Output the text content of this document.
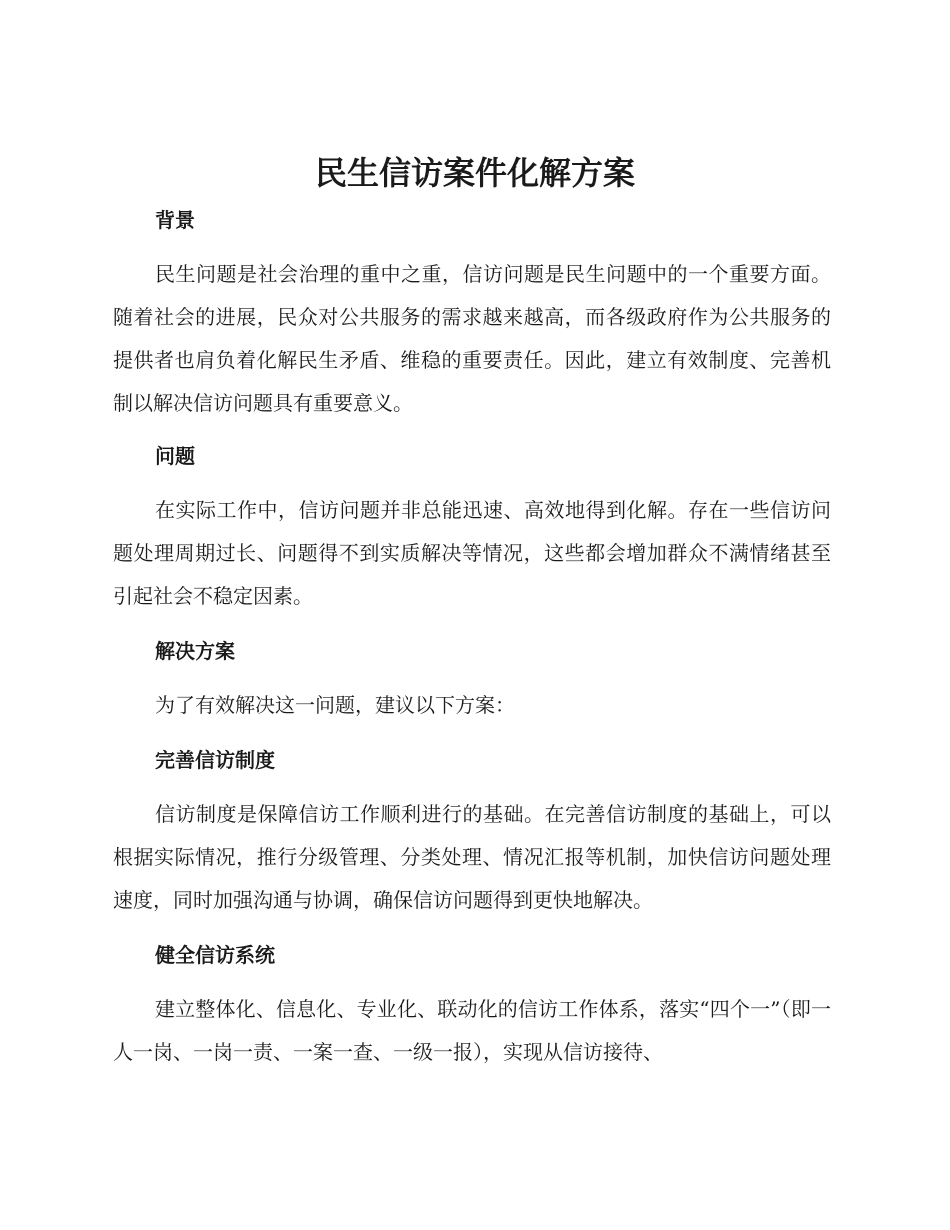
民生信访案件化解方案
背景

民生问题是社会治理的重中之重，信访问题是民生问题中的一个重要方面。随着社会的进展，民众对公共服务的需求越来越高，而各级政府作为公共服务的提供者也肩负着化解民生矛盾、维稳的重要责任。因此，建立有效制度、完善机制以解决信访问题具有重要意义。

问题

在实际工作中，信访问题并非总能迅速、高效地得到化解。存在一些信访问题处理周期过长、问题得不到实质解决等情况，这些都会增加群众不满情绪甚至引起社会不稳定因素。

解决方案

为了有效解决这一问题，建议以下方案：

完善信访制度

信访制度是保障信访工作顺利进行的基础。在完善信访制度的基础上，可以根据实际情况，推行分级管理、分类处理、情况汇报等机制，加快信访问题处理速度，同时加强沟通与协调，确保信访问题得到更快地解决。

健全信访系统

建立整体化、信息化、专业化、联动化的信访工作体系，落实“四个一”（即一人一岗、一岗一责、一案一查、一级一报），实现从信访接待、
